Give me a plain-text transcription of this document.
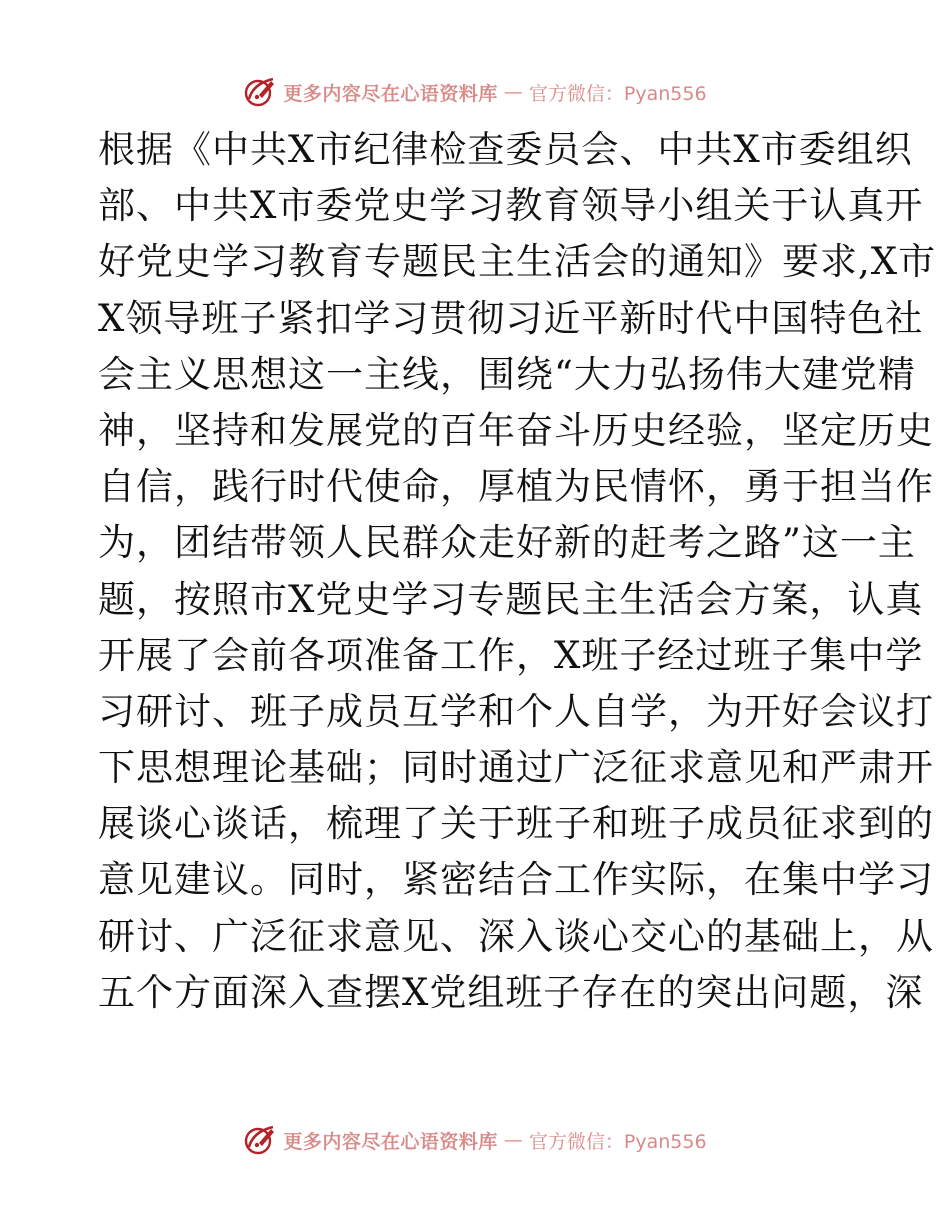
更多内容尽在心语资料库 — 官方微信：Pyan556
根据《中共X市纪律检查委员会、中共X市委组织
部、中共X市委党史学习教育领导小组关于认真开
好党史学习教育专题民主生活会的通知》要求,X市
X领导班子紧扣学习贯彻习近平新时代中国特色社
会主义思想这一主线，围绕“大力弘扬伟大建党精
神，坚持和发展党的百年奋斗历史经验，坚定历史
自信，践行时代使命，厚植为民情怀，勇于担当作
为，团结带领人民群众走好新的赶考之路”这一主
题，按照市X党史学习专题民主生活会方案，认真
开展了会前各项准备工作，X班子经过班子集中学
习研讨、班子成员互学和个人自学，为开好会议打
下思想理论基础；同时通过广泛征求意见和严肃开
展谈心谈话，梳理了关于班子和班子成员征求到的
意见建议。同时，紧密结合工作实际，在集中学习
研讨、广泛征求意见、深入谈心交心的基础上，从
五个方面深入查摆X党组班子存在的突出问题，深
更多内容尽在心语资料库 — 官方微信：Pyan556
